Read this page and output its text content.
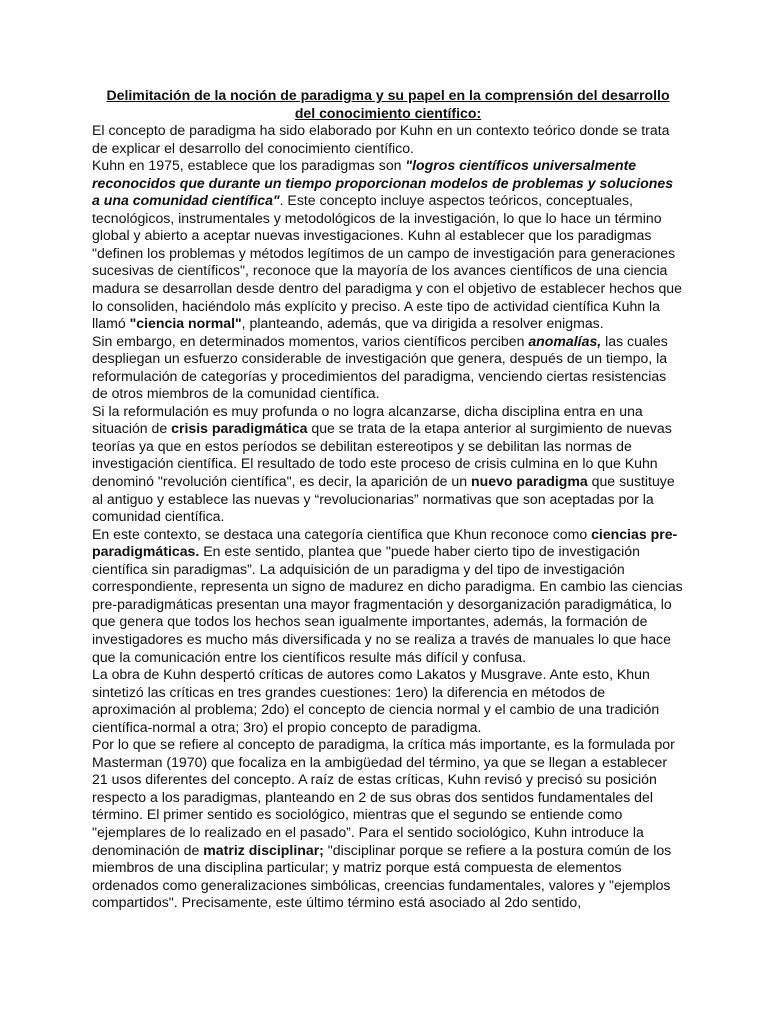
Delimitación de la noción de paradigma y su papel en la comprensión del desarrollo
del conocimiento científico:

El concepto de paradigma ha sido elaborado por Kuhn en un contexto teórico donde se trata de explicar el desarrollo del conocimiento científico.

Kuhn en 1975, establece que los paradigmas son "logros científicos universalmente reconocidos que durante un tiempo proporcionan modelos de problemas y soluciones a una comunidad científica". Este concepto incluye aspectos teóricos, conceptuales, tecnológicos, instrumentales y metodológicos de la investigación, lo que lo hace un término global y abierto a aceptar nuevas investigaciones. Kuhn al establecer que los paradigmas "definen los problemas y métodos legítimos de un campo de investigación para generaciones sucesivas de científicos", reconoce que la mayoría de los avances científicos de una ciencia madura se desarrollan desde dentro del paradigma y con el objetivo de establecer hechos que lo consoliden, haciéndolo más explícito y preciso. A este tipo de actividad científica Kuhn la llamó "ciencia normal", planteando, además, que va dirigida a resolver enigmas.

Sin embargo, en determinados momentos, varios científicos perciben anomalías, las cuales despliegan un esfuerzo considerable de investigación que genera, después de un tiempo, la reformulación de categorías y procedimientos del paradigma, venciendo ciertas resistencias de otros miembros de la comunidad científica.

Si la reformulación es muy profunda o no logra alcanzarse, dicha disciplina entra en una situación de crisis paradigmática que se trata de la etapa anterior al surgimiento de nuevas teorías ya que en estos períodos se debilitan estereotipos y se debilitan las normas de investigación científica. El resultado de todo este proceso de crisis culmina en lo que Kuhn denominó "revolución científica", es decir, la aparición de un nuevo paradigma que sustituye al antiguo y establece las nuevas y “revolucionarias” normativas que son aceptadas por la comunidad científica.

En este contexto, se destaca una categoría científica que Khun reconoce como ciencias pre-paradigmáticas. En este sentido, plantea que "puede haber cierto tipo de investigación científica sin paradigmas”. La adquisición de un paradigma y del tipo de investigación correspondiente, representa un signo de madurez en dicho paradigma. En cambio las ciencias pre-paradigmáticas presentan una mayor fragmentación y desorganización paradigmática, lo que genera que todos los hechos sean igualmente importantes, además, la formación de investigadores es mucho más diversificada y no se realiza a través de manuales lo que hace que la comunicación entre los científicos resulte más difícil y confusa.

La obra de Kuhn despertó críticas de autores como Lakatos y Musgrave. Ante esto, Khun sintetizó las críticas en tres grandes cuestiones: 1ero) la diferencia en métodos de aproximación al problema; 2do) el concepto de ciencia normal y el cambio de una tradición científica-normal a otra; 3ro) el propio concepto de paradigma.

Por lo que se refiere al concepto de paradigma, la crítica más importante, es la formulada por Masterman (1970) que focaliza en la ambigüedad del término, ya que se llegan a establecer 21 usos diferentes del concepto. A raíz de estas críticas, Kuhn revisó y precisó su posición respecto a los paradigmas, planteando en 2 de sus obras dos sentidos fundamentales del término. El primer sentido es sociológico, mientras que el segundo se entiende como "ejemplares de lo realizado en el pasado”. Para el sentido sociológico, Kuhn introduce la denominación de matriz disciplinar; "disciplinar porque se refiere a la postura común de los miembros de una disciplina particular; y matriz porque está compuesta de elementos ordenados como generalizaciones simbólicas, creencias fundamentales, valores y "ejemplos compartidos". Precisamente, este último término está asociado al 2do sentido,
